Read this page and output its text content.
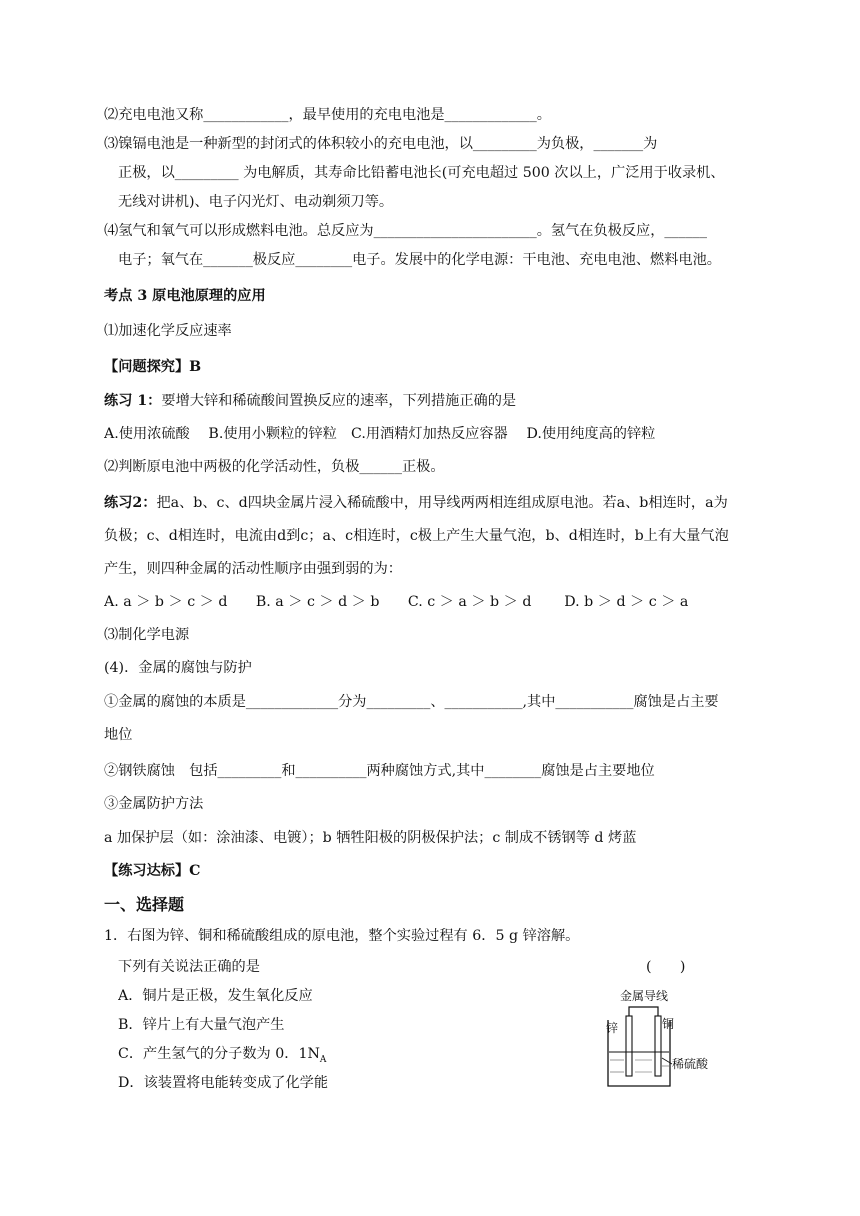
⑵充电电池又称____________，最早使用的充电电池是_____________。
⑶镍镉电池是一种新型的封闭式的体积较小的充电电池，以_________为负极，_______为
正极，以_________ 为电解质，其寿命比铅蓄电池长(可充电超过 500 次以上，广泛用于收录机、
无线对讲机)、电子闪光灯、电动剃须刀等。
⑷氢气和氧气可以形成燃料电池。总反应为_______________________。氢气在负极反应，______
电子；氧气在_______极反应________电子。发展中的化学电源：干电池、充电电池、燃料电池。
考点 3 原电池原理的应用
⑴加速化学反应速率
【问题探究】B
练习 1：要增大锌和稀硫酸间置换反应的速率，下列措施正确的是
A.使用浓硫酸　 B.使用小颗粒的锌粒　C.用酒精灯加热反应容器　 D.使用纯度高的锌粒
⑵判断原电池中两极的化学活动性，负极______正极。
练习2：把a、b、c、d四块金属片浸入稀硫酸中，用导线两两相连组成原电池。若a、b相连时，a为
负极；c、d相连时，电流由d到c；a、c相连时，c极上产生大量气泡，b、d相连时，b上有大量气泡
产生，则四种金属的活动性顺序由强到弱的为：
A. a ＞ b ＞ c ＞ d　　B. a ＞ c ＞ d ＞ b　　C. c ＞ a ＞ b ＞ d　　 D. b ＞ d ＞ c ＞ a
⑶制化学电源
(4)．金属的腐蚀与防护
①金属的腐蚀的本质是_____________分为_________、___________,其中___________腐蚀是占主要
地位
②钢铁腐蚀　包括_________和__________两种腐蚀方式,其中________腐蚀是占主要地位
③金属防护方法
a 加保护层（如：涂油漆、电镀）；b 牺牲阳极的阴极保护法；c 制成不锈钢等 d 烤蓝
【练习达标】C
一、选择题
1．右图为锌、铜和稀硫酸组成的原电池，整个实验过程有 6．5 g 锌溶解。
下列有关说法正确的是	(　　)
A．铜片是正极，发生氧化反应
B．锌片上有大量气泡产生
C．产生氢气的分子数为 0．$1N_A$
D．该装置将电能转变成了化学能
金属导线
锌	铜
稀硫酸
